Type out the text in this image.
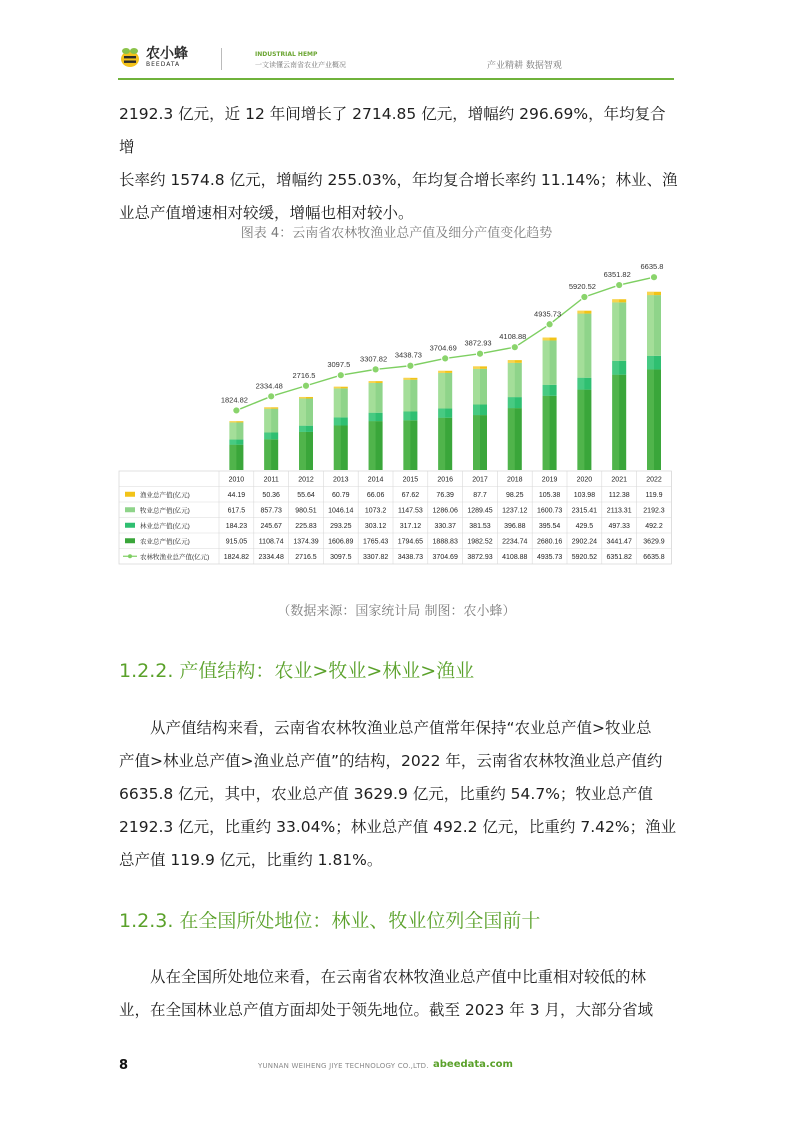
农小蜂
BEEDATA
INDUSTRIAL HEMP
一文读懂云南省农业产业概况	产业精耕 数据智观

2192.3 亿元，近 12 年间增长了 2714.85 亿元，增幅约 296.69%，年均复合增

长率约 1574.8 亿元，增幅约 255.03%，年均复合增长率约 11.14%；林业、渔

业总产值增速相对较缓，增幅也相对较小。

图表 4：云南省农林牧渔业总产值及细分产值变化趋势
1824.82
2334.48
2716.5
3097.5
3307.82 3438.73
3704.69
3872.93
4108.88
4935.73
5920.52
6351.82
6635.8
2010	2011	2012	2013	2014	2015	2016	2017	2018	2019	2020	2021	2022
渔业总产值(亿元)	44.19 50.36 55.64 60.79 66.06 67.62 76.39	87.7	98.25 105.38 103.98 112.38 119.9
牧业总产值(亿元)	617.5 857.73 980.51 1046.14 1073.2 1147.53 1286.06 1289.45 1237.12 1600.73 2315.41 2113.31 2192.3
林业总产值(亿元)	184.23 245.67 225.83 293.25 303.12 317.12 330.37 381.53 396.88 395.54 429.5 497.33 492.2
农业总产值(亿元)	915.05 1108.74 1374.39 1606.89 1765.43 1794.65 1888.83 1982.52 2234.74 2680.16 2902.24 3441.47 3629.9
农林牧渔业总产值(亿元) 1824.82 2334.48 2716.5 3097.5 3307.82 3438.73 3704.69 3872.93 4108.88 4935.73 5920.52 6351.82 6635.8
（数据来源：国家统计局 制图：农小蜂）
1.2.2. 产值结构：农业>牧业>林业>渔业

从产值结构来看，云南省农林牧渔业总产值常年保持“农业总产值>牧业总

产值>林业总产值>渔业总产值”的结构，2022 年，云南省农林牧渔业总产值约

6635.8 亿元，其中，农业总产值 3629.9 亿元，比重约 54.7%；牧业总产值

2192.3 亿元，比重约 33.04%；林业总产值 492.2 亿元，比重约 7.42%；渔业

总产值 119.9 亿元，比重约 1.81%。

1.2.3. 在全国所处地位：林业、牧业位列全国前十

从在全国所处地位来看，在云南省农林牧渔业总产值中比重相对较低的林

业，在全国林业总产值方面却处于领先地位。截至 2023 年 3 月，大部分省域

8	YUNNAN WEIHENG JIYE TECHNOLOGY CO.,LTD. abeedata.com
